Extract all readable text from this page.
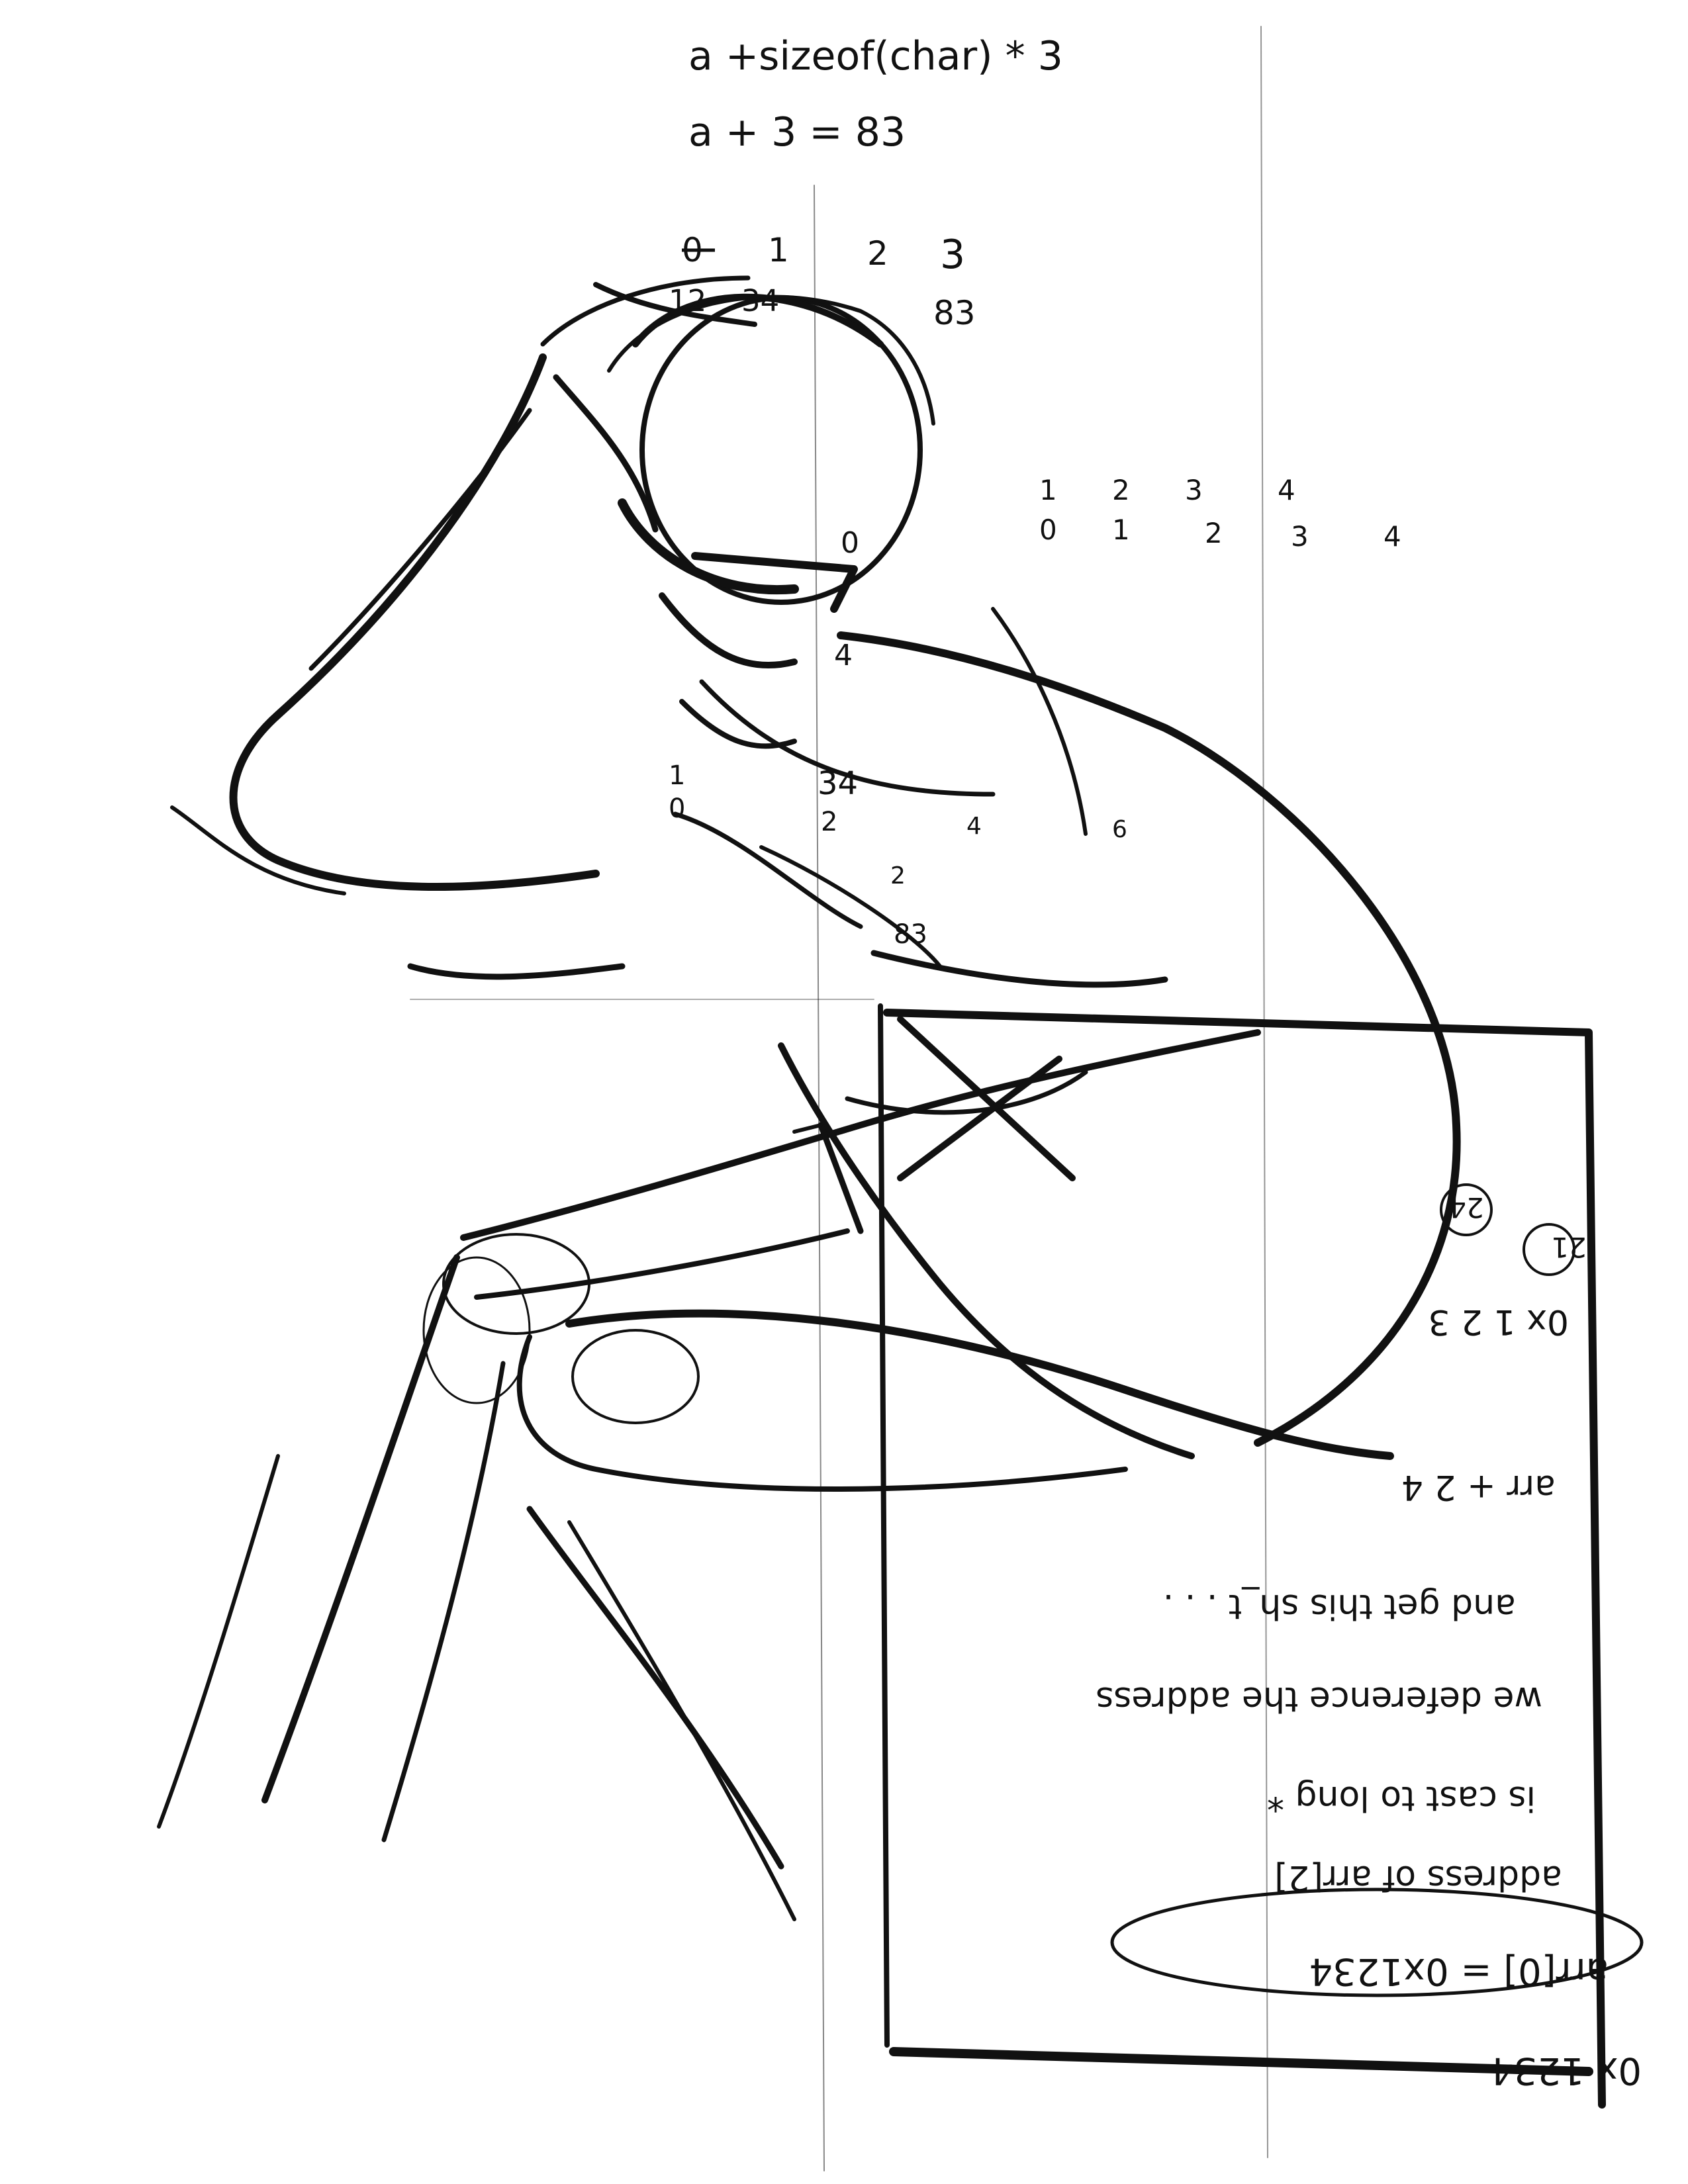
a +sizeof(char) * 3
a + 3 = 83
0 1 2 3
12 34	83
1 2 3	4
0 1	2 3	4
1	34
0	2	4	6
2
83
0
4
21
24
0x 1 2 3
arr + 2 4
and get this sh_t . . .
we deference the address
is cast to long *
address of arr[2]
arr[0] = 0x1234
0x 1234
